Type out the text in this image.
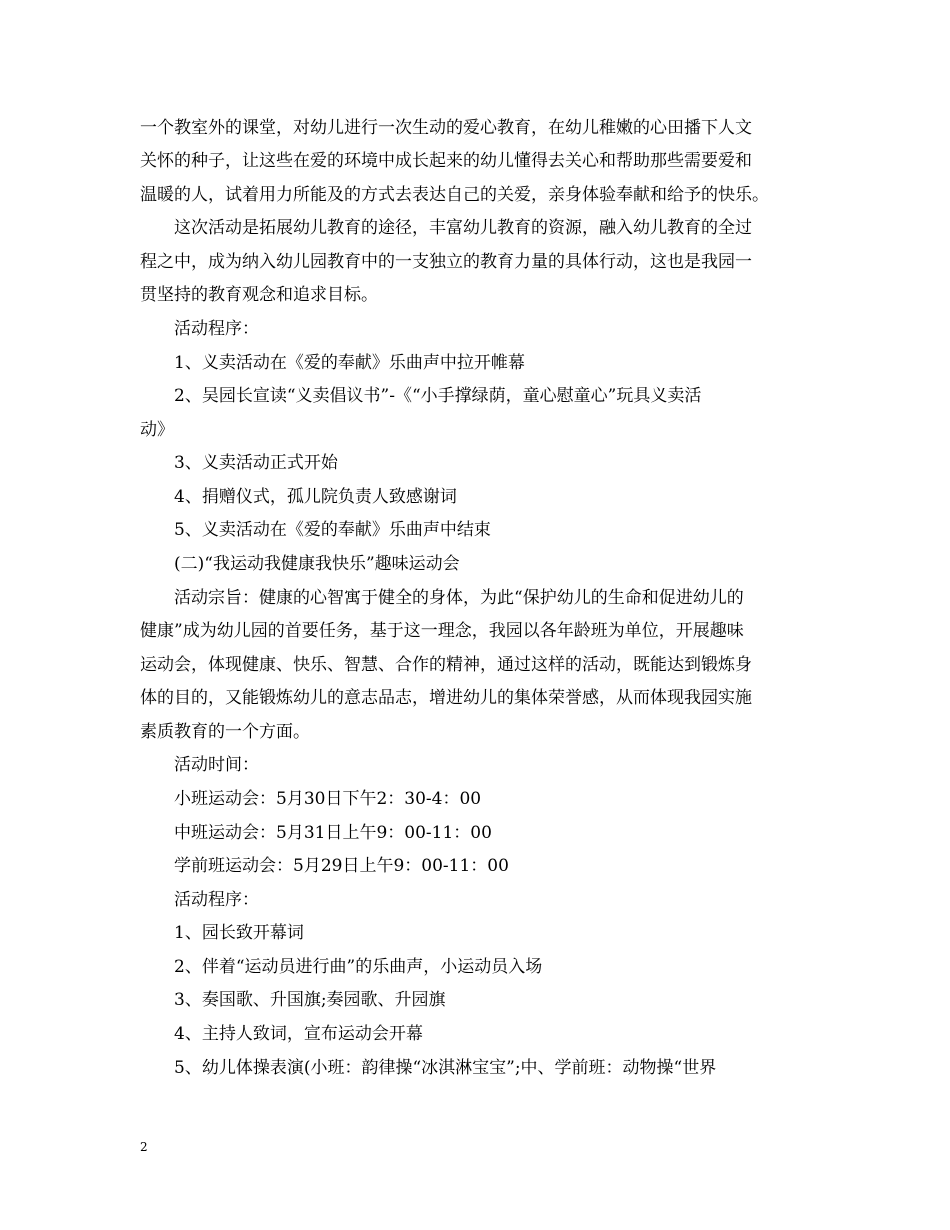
一个教室外的课堂，对幼儿进行一次生动的爱心教育，在幼儿稚嫩的心田播下人文
关怀的种子，让这些在爱的环境中成长起来的幼儿懂得去关心和帮助那些需要爱和
温暖的人，试着用力所能及的方式去表达自己的关爱，亲身体验奉献和给予的快乐。
这次活动是拓展幼儿教育的途径，丰富幼儿教育的资源，融入幼儿教育的全过
程之中，成为纳入幼儿园教育中的一支独立的教育力量的具体行动，这也是我园一
贯坚持的教育观念和追求目标。
活动程序：
1、义卖活动在《爱的奉献》乐曲声中拉开帷幕
2、吴园长宣读“义卖倡议书”-《“小手撑绿荫，童心慰童心”玩具义卖活
动》
3、义卖活动正式开始
4、捐赠仪式，孤儿院负责人致感谢词
5、义卖活动在《爱的奉献》乐曲声中结束
(二)“我运动我健康我快乐”趣味运动会
活动宗旨：健康的心智寓于健全的身体，为此“保护幼儿的生命和促进幼儿的
健康”成为幼儿园的首要任务，基于这一理念，我园以各年龄班为单位，开展趣味
运动会，体现健康、快乐、智慧、合作的精神，通过这样的活动，既能达到锻炼身
体的目的，又能锻炼幼儿的意志品志，增进幼儿的集体荣誉感，从而体现我园实施
素质教育的一个方面。
活动时间：
小班运动会：5月30日下午2：30-4：00
中班运动会：5月31日上午9：00-11：00
学前班运动会：5月29日上午9：00-11：00
活动程序：
1、园长致开幕词
2、伴着“运动员进行曲”的乐曲声，小运动员入场
3、奏国歌、升国旗;奏园歌、升园旗
4、主持人致词，宣布运动会开幕
5、幼儿体操表演(小班：韵律操“冰淇淋宝宝”;中、学前班：动物操“世界
2
